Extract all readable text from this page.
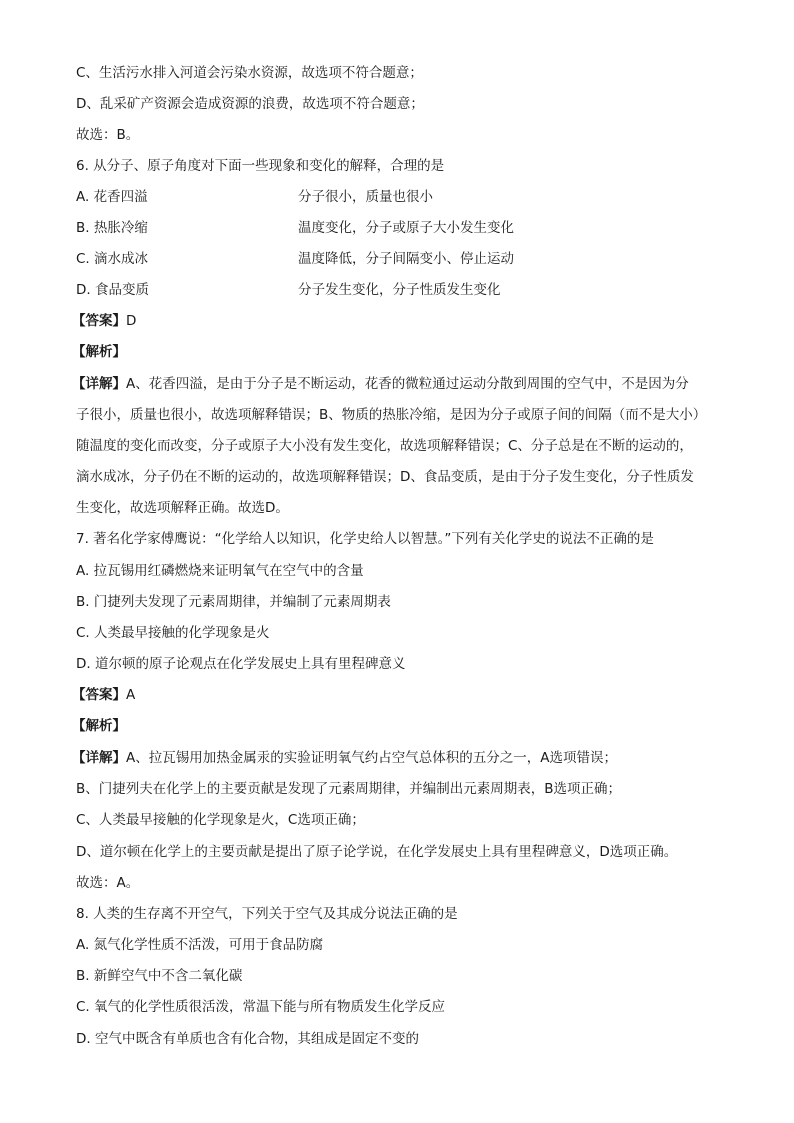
C、生活污水排入河道会污染水资源，故选项不符合题意；
D、乱采矿产资源会造成资源的浪费，故选项不符合题意；
故选：B。
6. 从分子、原子角度对下面一些现象和变化的解释，合理的是
A. 花香四溢	分子很小，质量也很小
B. 热胀冷缩	温度变化，分子或原子大小发生变化
C. 滴水成冰	温度降低，分子间隔变小、停止运动
D. 食品变质	分子发生变化，分子性质发生变化
【答案】D
【解析】
【详解】A、花香四溢，是由于分子是不断运动，花香的微粒通过运动分散到周围的空气中，不是因为分
子很小，质量也很小，故选项解释错误；B、物质的热胀冷缩，是因为分子或原子间的间隔（而不是大小）
随温度的变化而改变，分子或原子大小没有发生变化，故选项解释错误；C、分子总是在不断的运动的，
滴水成冰，分子仍在不断的运动的，故选项解释错误；D、食品变质，是由于分子发生变化，分子性质发
生变化，故选项解释正确。故选D。
7. 著名化学家傅鹰说：“化学给人以知识，化学史给人以智慧。”下列有关化学史的说法不正确的是
A. 拉瓦锡用红磷燃烧来证明氧气在空气中的含量
B. 门捷列夫发现了元素周期律，并编制了元素周期表
C. 人类最早接触的化学现象是火
D. 道尔顿的原子论观点在化学发展史上具有里程碑意义
【答案】A
【解析】
【详解】A、拉瓦锡用加热金属汞的实验证明氧气约占空气总体积的五分之一，A选项错误；
B、门捷列夫在化学上的主要贡献是发现了元素周期律，并编制出元素周期表，B选项正确；
C、人类最早接触的化学现象是火，C选项正确；
D、道尔顿在化学上的主要贡献是提出了原子论学说，在化学发展史上具有里程碑意义，D选项正确。
故选：A。
8. 人类的生存离不开空气，下列关于空气及其成分说法正确的是
A. 氮气化学性质不活泼，可用于食品防腐
B. 新鲜空气中不含二氧化碳
C. 氧气的化学性质很活泼，常温下能与所有物质发生化学反应
D. 空气中既含有单质也含有化合物，其组成是固定不变的
